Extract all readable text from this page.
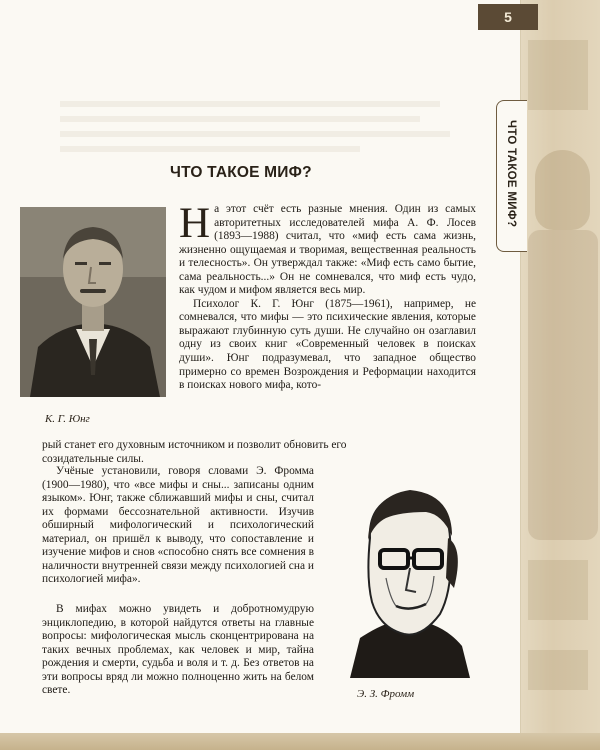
5
ЧТО ТАКОЕ МИФ?
ЧТО ТАКОЕ МИФ?
К. Г. Юнг
Э. З. Фромм

На этот счёт есть разные мнения. Один из самых авторитетных исследователей мифа А. Ф. Лосев (1893—1988) считал, что «миф есть сама жизнь, жизненно ощущаемая и творимая, вещественная реальность и телесность». Он утверждал также: «Миф есть само бытие, сама реальность...» Он не сомневался, что миф есть чудо, как чудом и мифом является весь мир.

Психолог К. Г. Юнг (1875—1961), например, не сомневался, что мифы — это психические явления, которые выражают глубинную суть души. Не случайно он озаглавил одну из своих книг «Современный человек в поисках души». Юнг подразумевал, что западное общество примерно со времен Возрождения и Реформации находится в поисках нового мифа, кото-

рый станет его духовным источником и позволит обновить его
созидательные силы.

Учёные установили, говоря словами Э. Фромма (1900—1980), что «все мифы и сны... записаны одним языком». Юнг, также сближавший мифы и сны, считал их формами бессознательной активности. Изучив обширный мифологический и психологический материал, он пришёл к выводу, что сопоставление и изучение мифов и снов «способно снять все сомнения в наличности внутренней связи между психологией сна и психологией мифа».

В мифах можно увидеть и добротномудрую энциклопедию, в которой найдутся ответы на главные вопросы: мифологическая мысль сконцентрирована на таких вечных проблемах, как человек и мир, тайна рождения и смерти, судьба и воля и т. д. Без ответов на эти вопросы вряд ли можно полноценно жить на белом свете.
